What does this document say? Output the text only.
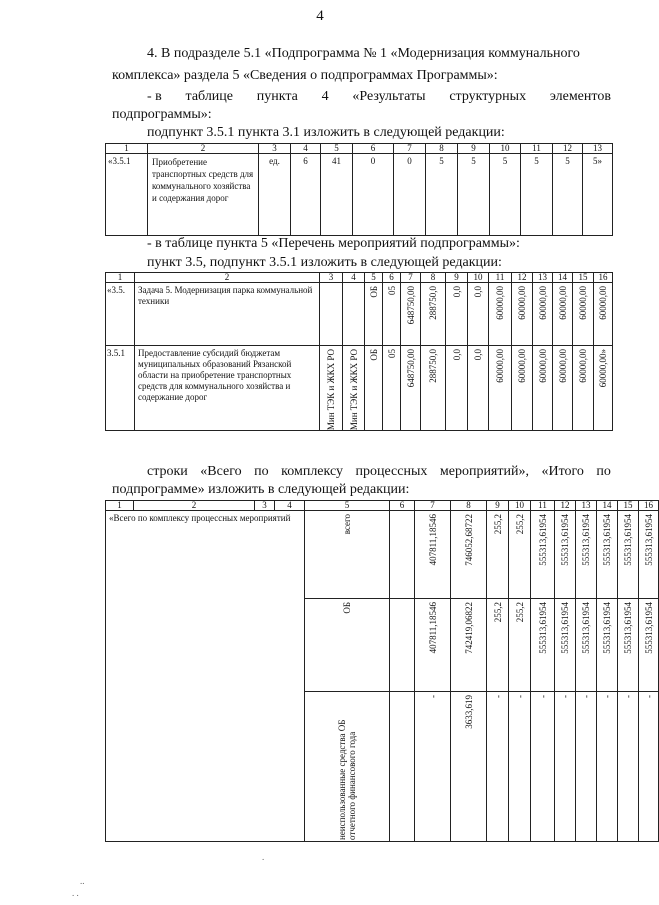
4
4. В подразделе 5.1 «Подпрограмма № 1 «Модернизация коммунального
комплекса» раздела 5 «Сведения о подпрограммах Программы»:
- в таблице пункта 4 «Результаты структурных элементов
подпрограммы»:
подпункт 3.5.1 пункта 3.1 изложить в следующей редакции:
1	2	3	4	5	6	7	8	9	10	11	12	13
«3.5.1	Приобретение транспортных средств для коммунального хозяйства и содержания дорог	ед.	6	41	0	0	5	5	5	5	5	5»
- в таблице пункта 5 «Перечень мероприятий подпрограммы»:
пункт 3.5, подпункт 3.5.1 изложить в следующей редакции:
1	2	3	4	5	6	7	8	9	10	11	12	13	14	15	16
«3.5.	Задача 5. Модернизация парка коммунальной техники			ОБ	05	648750,00	288750,0	0,0	0,0	60000,00	60000,00	60000,00	60000,00	60000,00	60000,00

3.5.1	Предоставление субсидий бюджетам муниципальных образований Рязанской области на приобретение транспортных средств для коммунального хозяйства и содержание дорог	Мин ТЭК и ЖКХ РО	Мин ТЭК и ЖКХ РО	ОБ	05	648750,00	288750,0	0,0	0,0	60000,00	60000,00	60000,00	60000,00	60000,00	60000,00»
строки «Всего по комплексу процессных мероприятий», «Итого по
подпрограмме» изложить в следующей редакции:
1	2	3	4	5	6	7	8	9	10	11	12	13	14	15	16
«Всего по комплексу процессных мероприятий				всего		407811,18546	746052,68722	255,2	255,2	555313,61954	555313,61954	555313,61954	555313,61954	555313,61954	555313,61954

				ОБ		407811,18546	742419,06822	255,2	255,2	555313,61954	555313,61954	555313,61954	555313,61954	555313,61954	555313,61954

				неиспользованные средства ОБ отчетного финансового года		-	3633,619	-	-	-	-	-	-	-	-
.
..
. .
